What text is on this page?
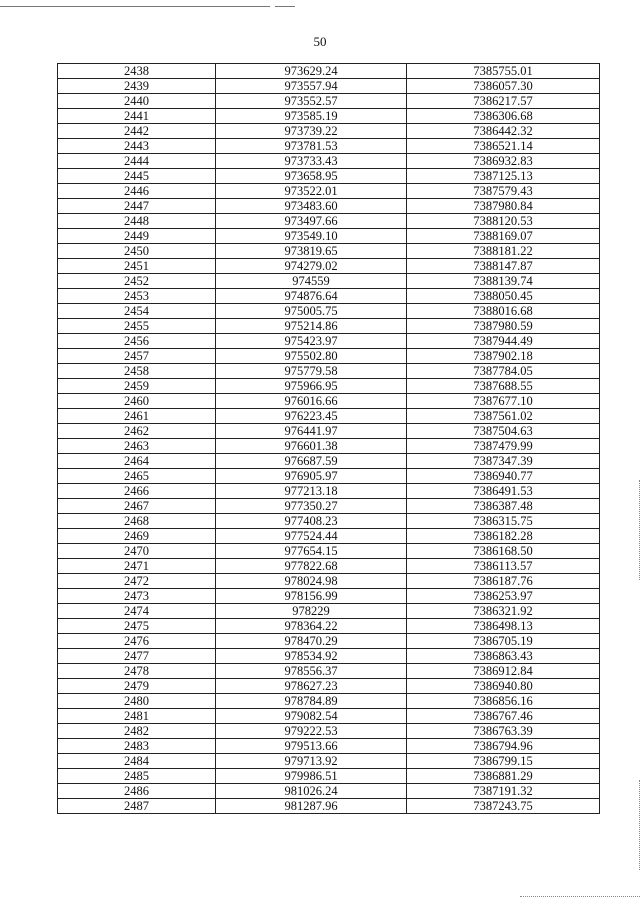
50
2438	973629.24	7385755.01
2439	973557.94	7386057.30
2440	973552.57	7386217.57
2441	973585.19	7386306.68
2442	973739.22	7386442.32
2443	973781.53	7386521.14
2444	973733.43	7386932.83
2445	973658.95	7387125.13
2446	973522.01	7387579.43
2447	973483.60	7387980.84
2448	973497.66	7388120.53
2449	973549.10	7388169.07
2450	973819.65	7388181.22
2451	974279.02	7388147.87
2452	974559	7388139.74
2453	974876.64	7388050.45
2454	975005.75	7388016.68
2455	975214.86	7387980.59
2456	975423.97	7387944.49
2457	975502.80	7387902.18
2458	975779.58	7387784.05
2459	975966.95	7387688.55
2460	976016.66	7387677.10
2461	976223.45	7387561.02
2462	976441.97	7387504.63
2463	976601.38	7387479.99
2464	976687.59	7387347.39
2465	976905.97	7386940.77
2466	977213.18	7386491.53
2467	977350.27	7386387.48
2468	977408.23	7386315.75
2469	977524.44	7386182.28
2470	977654.15	7386168.50
2471	977822.68	7386113.57
2472	978024.98	7386187.76
2473	978156.99	7386253.97
2474	978229	7386321.92
2475	978364.22	7386498.13
2476	978470.29	7386705.19
2477	978534.92	7386863.43
2478	978556.37	7386912.84
2479	978627.23	7386940.80
2480	978784.89	7386856.16
2481	979082.54	7386767.46
2482	979222.53	7386763.39
2483	979513.66	7386794.96
2484	979713.92	7386799.15
2485	979986.51	7386881.29
2486	981026.24	7387191.32
2487	981287.96	7387243.75
